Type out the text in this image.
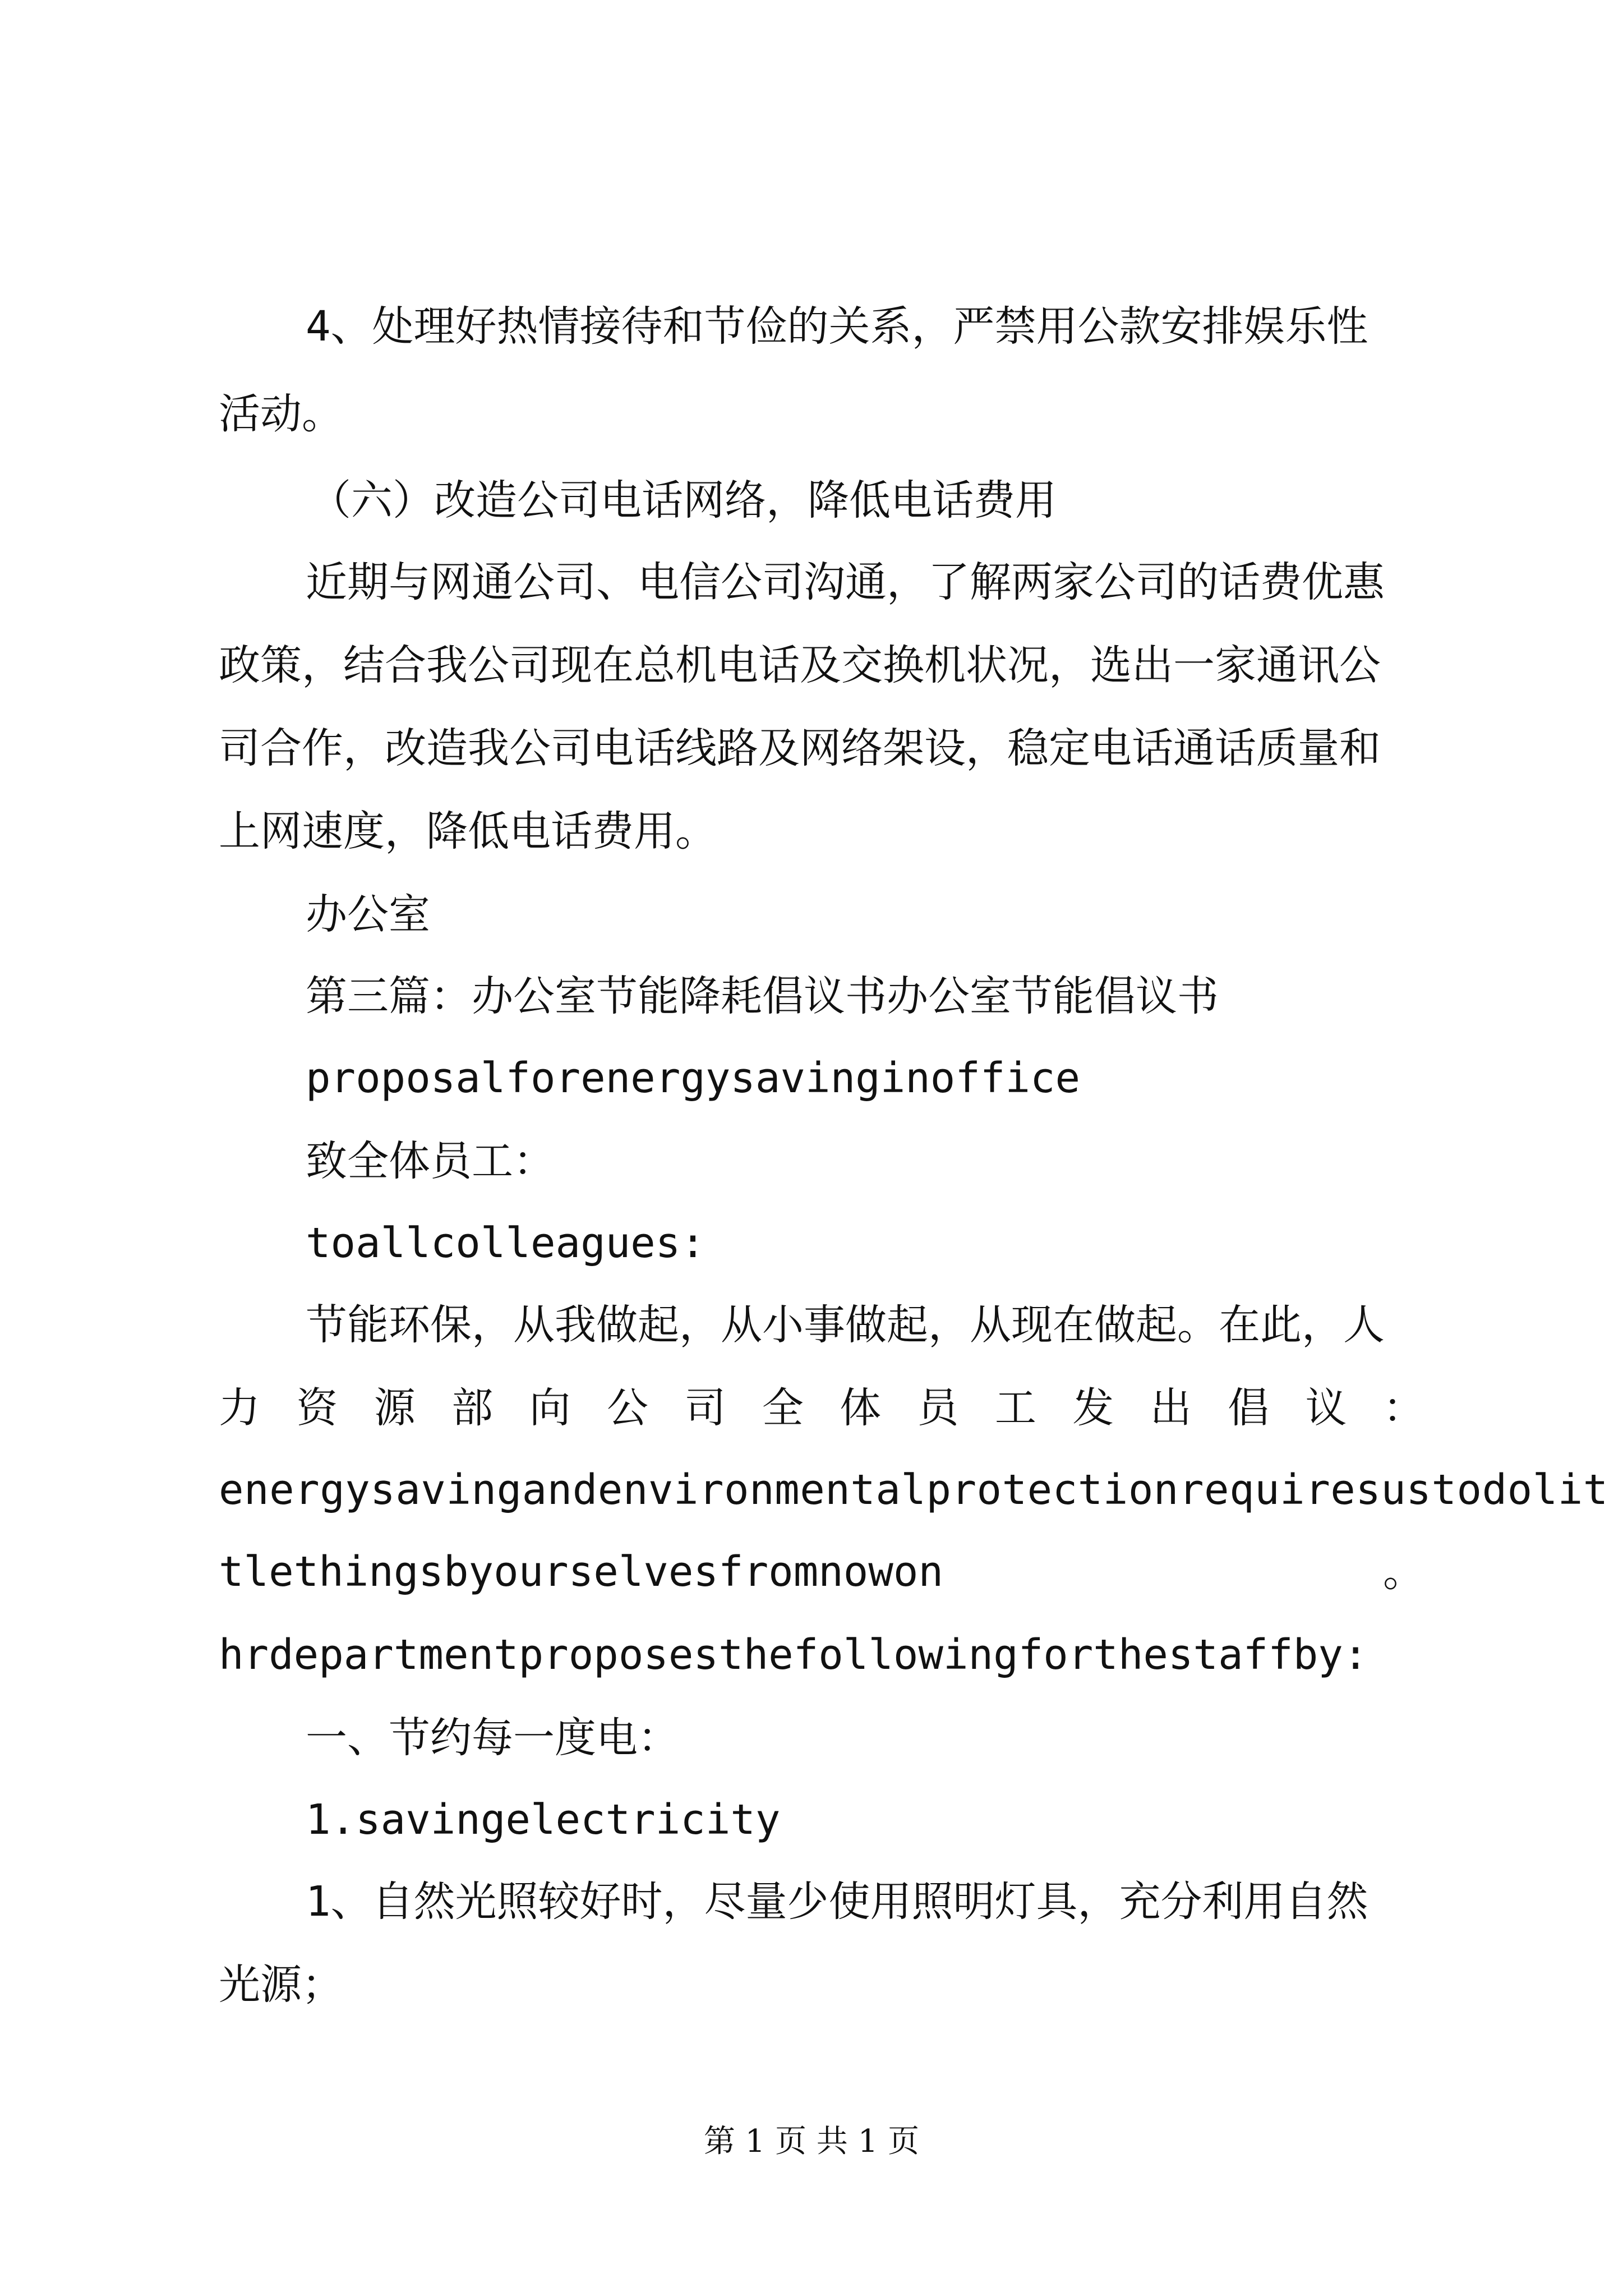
4、处理好热情接待和节俭的关系，严禁用公款安排娱乐性
活动。
（六）改造公司电话网络，降低电话费用
近期与网通公司、电信公司沟通，了解两家公司的话费优惠
政策，结合我公司现在总机电话及交换机状况，选出一家通讯公
司合作，改造我公司电话线路及网络架设，稳定电话通话质量和
上网速度，降低电话费用。
办公室
第三篇：办公室节能降耗倡议书办公室节能倡议书
proposalforenergysavinginoffice
致全体员工：
toallcolleagues:
节能环保，从我做起，从小事做起，从现在做起。在此，人
力 资 源 部 向 公 司 全 体 员 工 发 出 倡 议 ：
energysavingandenvironmentalprotectionrequiresustodolit
tlethingsbyourselvesfromnowon	。
hrdepartmentproposesthefollowingforthestaffby:
一、节约每一度电：
1.savingelectricity
1、自然光照较好时，尽量少使用照明灯具，充分利用自然
光源；
第 1 页 共 1 页
